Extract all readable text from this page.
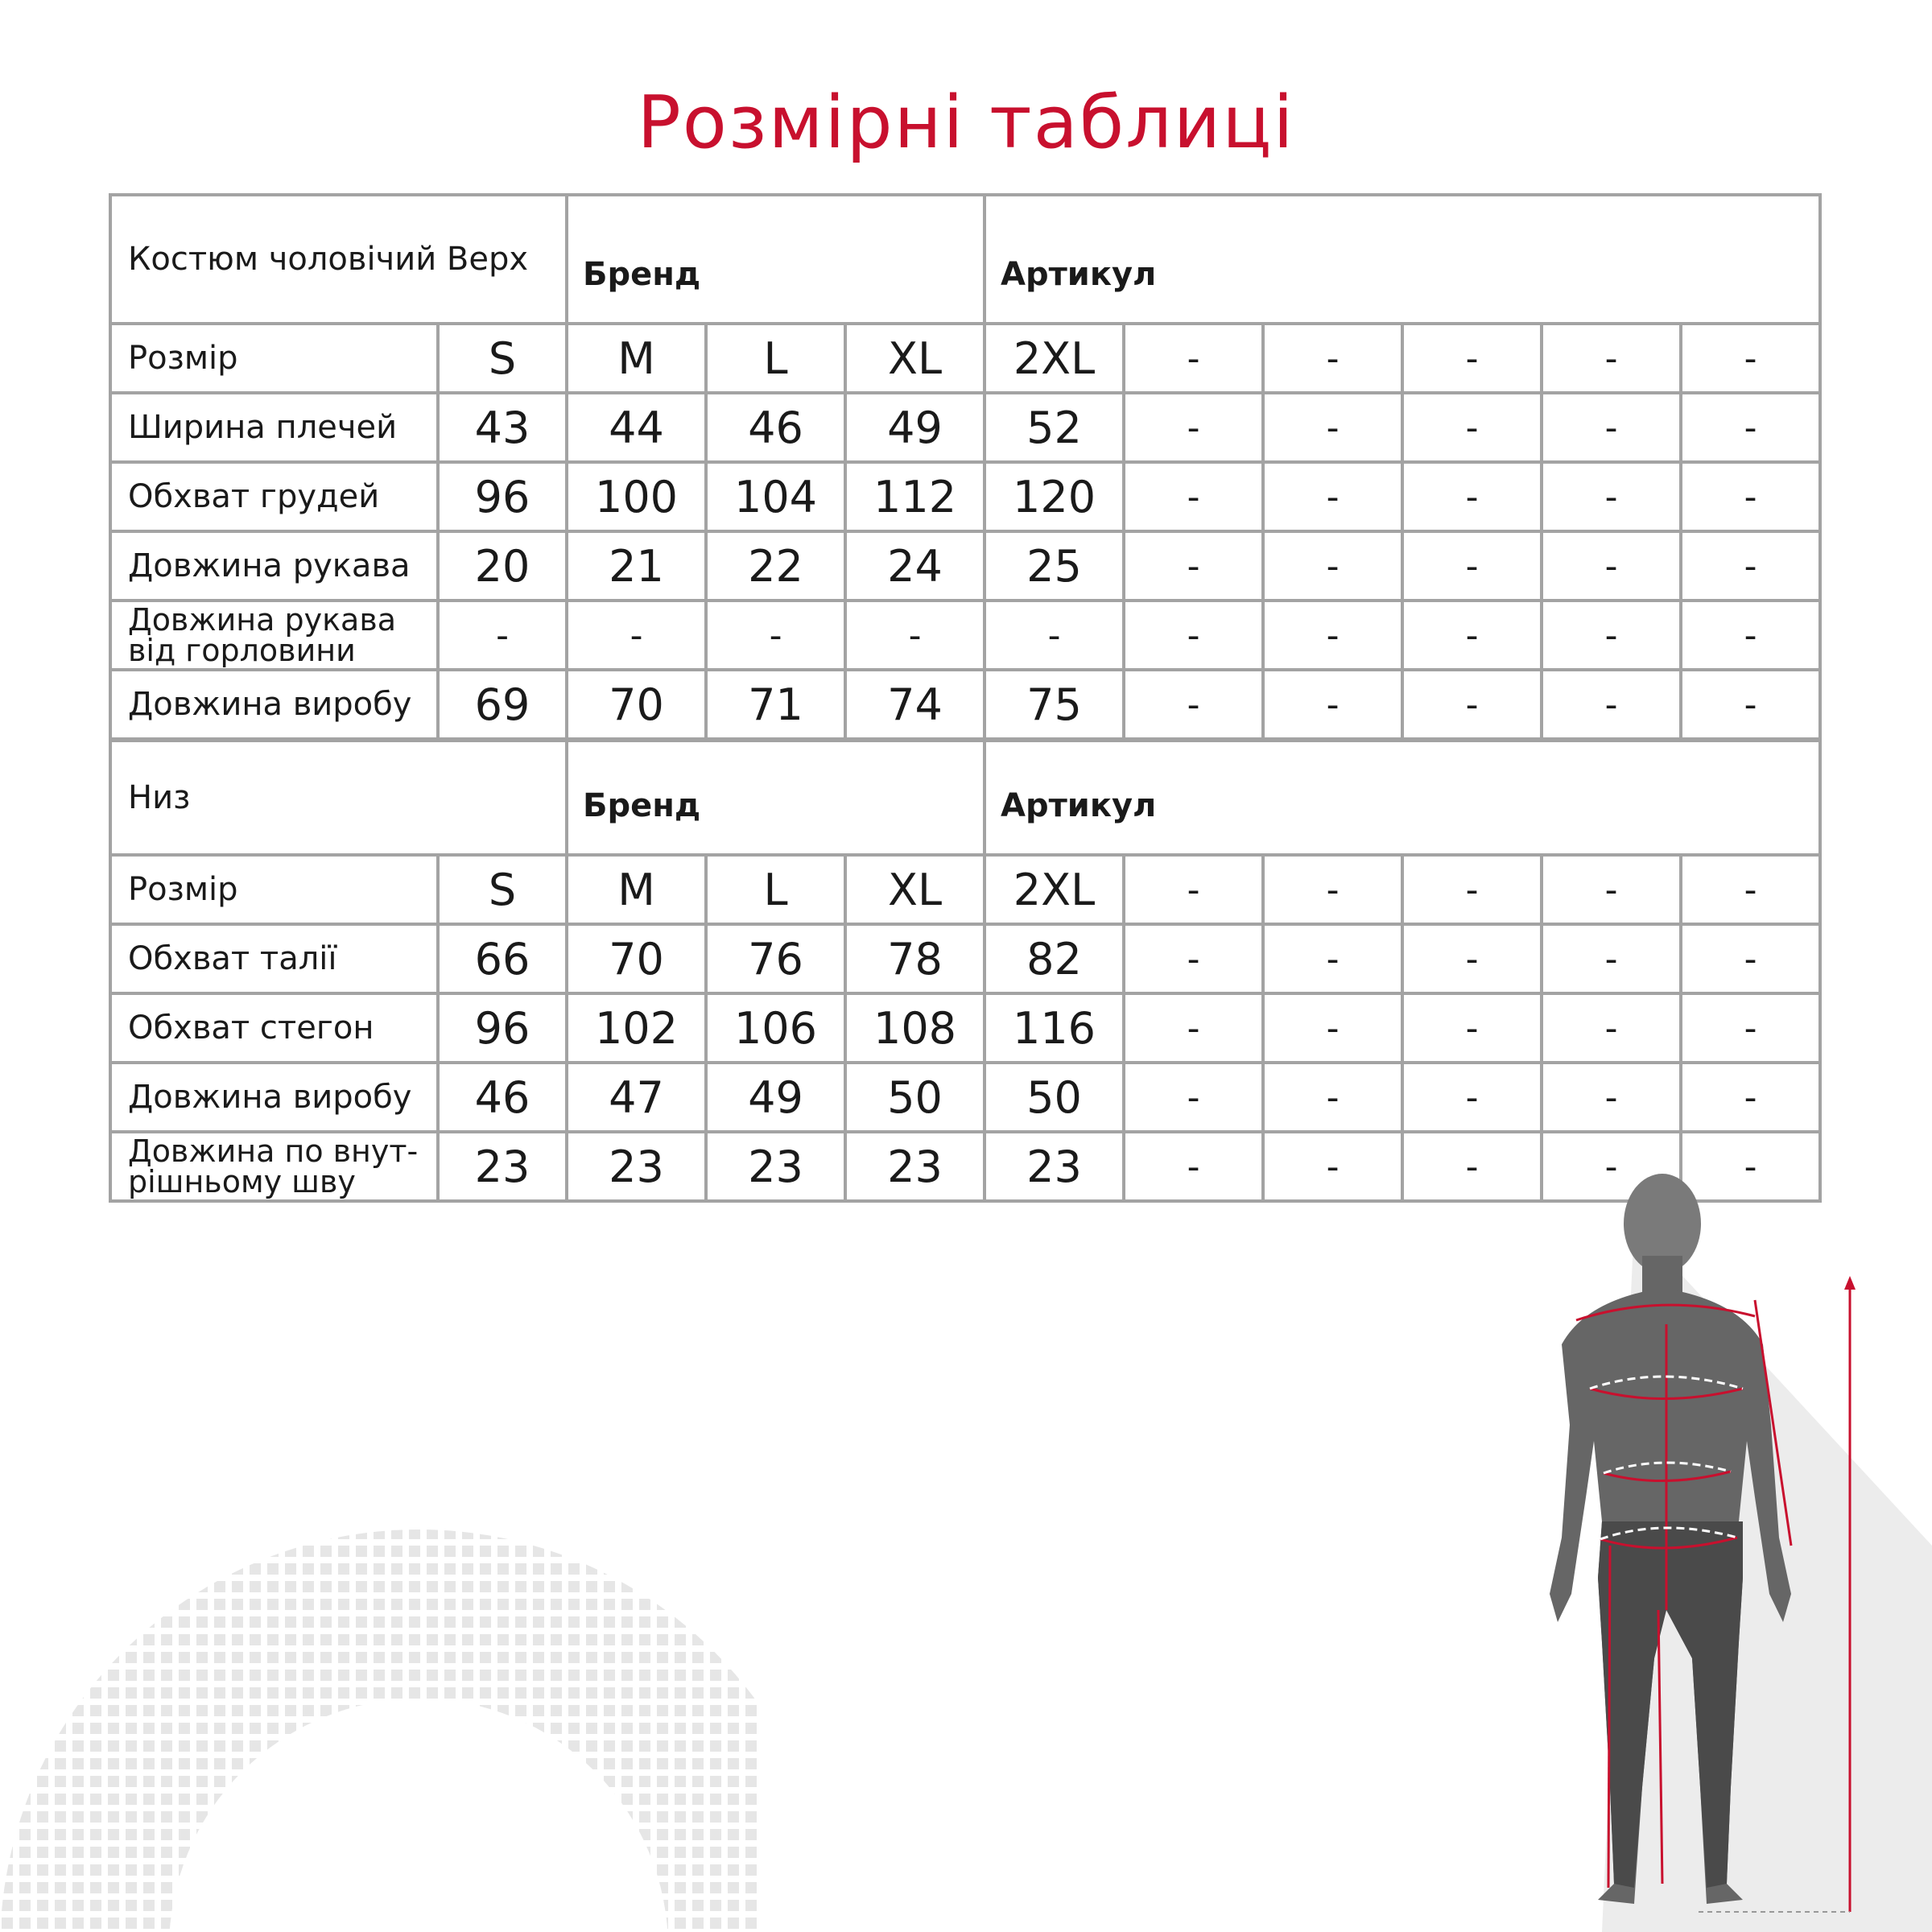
Розмірні таблиці
Костюм чоловічий Верх		Бренд			Артикул					
Розмір	S	M	L	XL	2XL	-	-	-	-	-
Ширина плечей	43	44	46	49	52	-	-	-	-	-
Обхват грудей	96	100	104	112	120	-	-	-	-	-
Довжина рукава	20	21	22	24	25	-	-	-	-	-
Довжина рукава від горловини	-	-	-	-	-	-	-	-	-	-
Довжина виробу	69	70	71	74	75	-	-	-	-	-
Низ		Бренд			Артикул					
Розмір	S	M	L	XL	2XL	-	-	-	-	-
Обхват талії	66	70	76	78	82	-	-	-	-	-
Обхват стегон	96	102	106	108	116	-	-	-	-	-
Довжина виробу	46	47	49	50	50	-	-	-	-	-
Довжина по внут-рішньому шву	23	23	23	23	23	-	-	-	-	-
